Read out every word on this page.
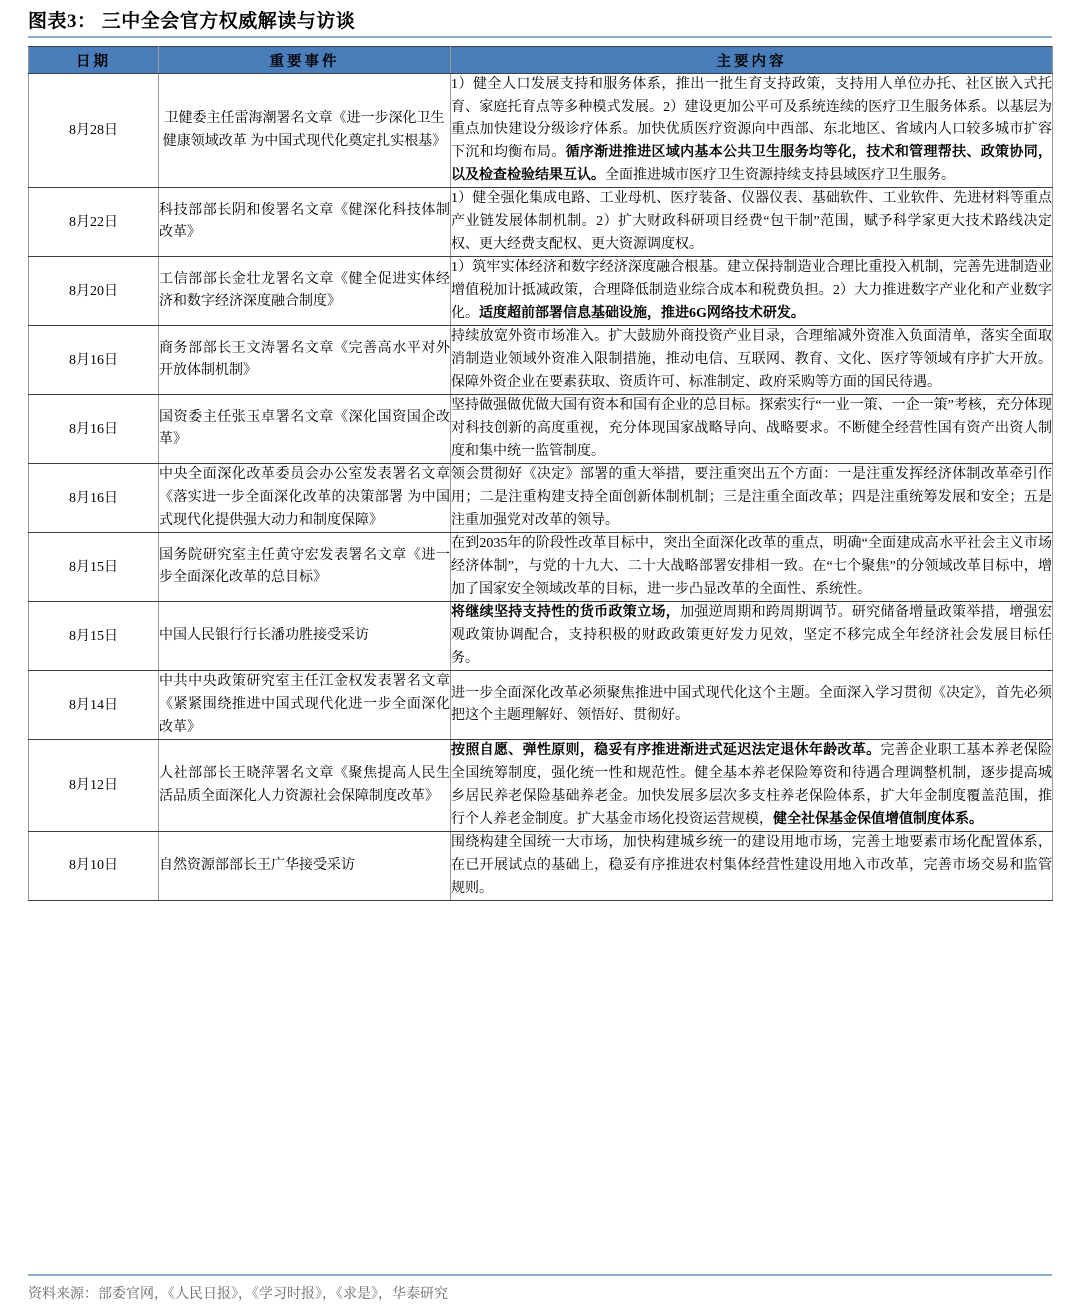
图表3： 三中全会官方权威解读与访谈
日期	重要事件	主要内容
8月28日	卫健委主任雷海潮署名文章《进一步深化卫生健康领域改革 为中国式现代化奠定扎实根基》	1）健全人口发展支持和服务体系，推出一批生育支持政策，支持用人单位办托、社区嵌入式托育、家庭托育点等多种模式发展。2）建设更加公平可及系统连续的医疗卫生服务体系。以基层为重点加快建设分级诊疗体系。加快优质医疗资源向中西部、东北地区、省域内人口较多城市扩容下沉和均衡布局。循序渐进推进区域内基本公共卫生服务均等化，技术和管理帮扶、政策协同，以及检查检验结果互认。全面推进城市医疗卫生资源持续支持县域医疗卫生服务。
8月22日	科技部部长阴和俊署名文章《健深化科技体制改革》	1）健全强化集成电路、工业母机、医疗装备、仪器仪表、基础软件、工业软件、先进材料等重点产业链发展体制机制。2）扩大财政科研项目经费“包干制”范围，赋予科学家更大技术路线决定权、更大经费支配权、更大资源调度权。
8月20日	工信部部长金壮龙署名文章《健全促进实体经济和数字经济深度融合制度》	1）筑牢实体经济和数字经济深度融合根基。建立保持制造业合理比重投入机制，完善先进制造业增值税加计抵减政策，合理降低制造业综合成本和税费负担。2）大力推进数字产业化和产业数字化。适度超前部署信息基础设施，推进6G网络技术研发。
8月16日	商务部部长王文涛署名文章《完善高水平对外开放体制机制》	持续放宽外资市场准入。扩大鼓励外商投资产业目录，合理缩减外资准入负面清单，落实全面取消制造业领域外资准入限制措施，推动电信、互联网、教育、文化、医疗等领域有序扩大开放。保障外资企业在要素获取、资质许可、标准制定、政府采购等方面的国民待遇。
8月16日	国资委主任张玉卓署名文章《深化国资国企改革》	坚持做强做优做大国有资本和国有企业的总目标。探索实行“一业一策、一企一策”考核，充分体现对科技创新的高度重视，充分体现国家战略导向、战略要求。不断健全经营性国有资产出资人制度和集中统一监管制度。
8月16日	中央全面深化改革委员会办公室发表署名文章《落实进一步全面深化改革的决策部署 为中国式现代化提供强大动力和制度保障》	领会贯彻好《决定》部署的重大举措，要注重突出五个方面：一是注重发挥经济体制改革牵引作用；二是注重构建支持全面创新体制机制；三是注重全面改革；四是注重统筹发展和安全；五是注重加强党对改革的领导。
8月15日	国务院研究室主任黄守宏发表署名文章《进一步全面深化改革的总目标》	在到2035年的阶段性改革目标中，突出全面深化改革的重点，明确“全面建成高水平社会主义市场经济体制”，与党的十九大、二十大战略部署安排相一致。在“七个聚焦”的分领域改革目标中，增加了国家安全领域改革的目标，进一步凸显改革的全面性、系统性。
8月15日	中国人民银行行长潘功胜接受采访	将继续坚持支持性的货币政策立场，加强逆周期和跨周期调节。研究储备增量政策举措，增强宏观政策协调配合，支持积极的财政政策更好发力见效，坚定不移完成全年经济社会发展目标任务。
8月14日	中共中央政策研究室主任江金权发表署名文章《紧紧围绕推进中国式现代化进一步全面深化改革》	进一步全面深化改革必须聚焦推进中国式现代化这个主题。全面深入学习贯彻《决定》，首先必须把这个主题理解好、领悟好、贯彻好。
8月12日	人社部部长王晓萍署名文章《聚焦提高人民生活品质全面深化人力资源社会保障制度改革》	按照自愿、弹性原则，稳妥有序推进渐进式延迟法定退休年龄改革。完善企业职工基本养老保险全国统筹制度，强化统一性和规范性。健全基本养老保险筹资和待遇合理调整机制，逐步提高城乡居民养老保险基础养老金。加快发展多层次多支柱养老保险体系，扩大年金制度覆盖范围，推行个人养老金制度。扩大基金市场化投资运营规模，健全社保基金保值增值制度体系。
8月10日	自然资源部部长王广华接受采访	围绕构建全国统一大市场，加快构建城乡统一的建设用地市场，完善土地要素市场化配置体系，在已开展试点的基础上，稳妥有序推进农村集体经营性建设用地入市改革，完善市场交易和监管规则。
资料来源：部委官网，《人民日报》，《学习时报》，《求是》，华泰研究
